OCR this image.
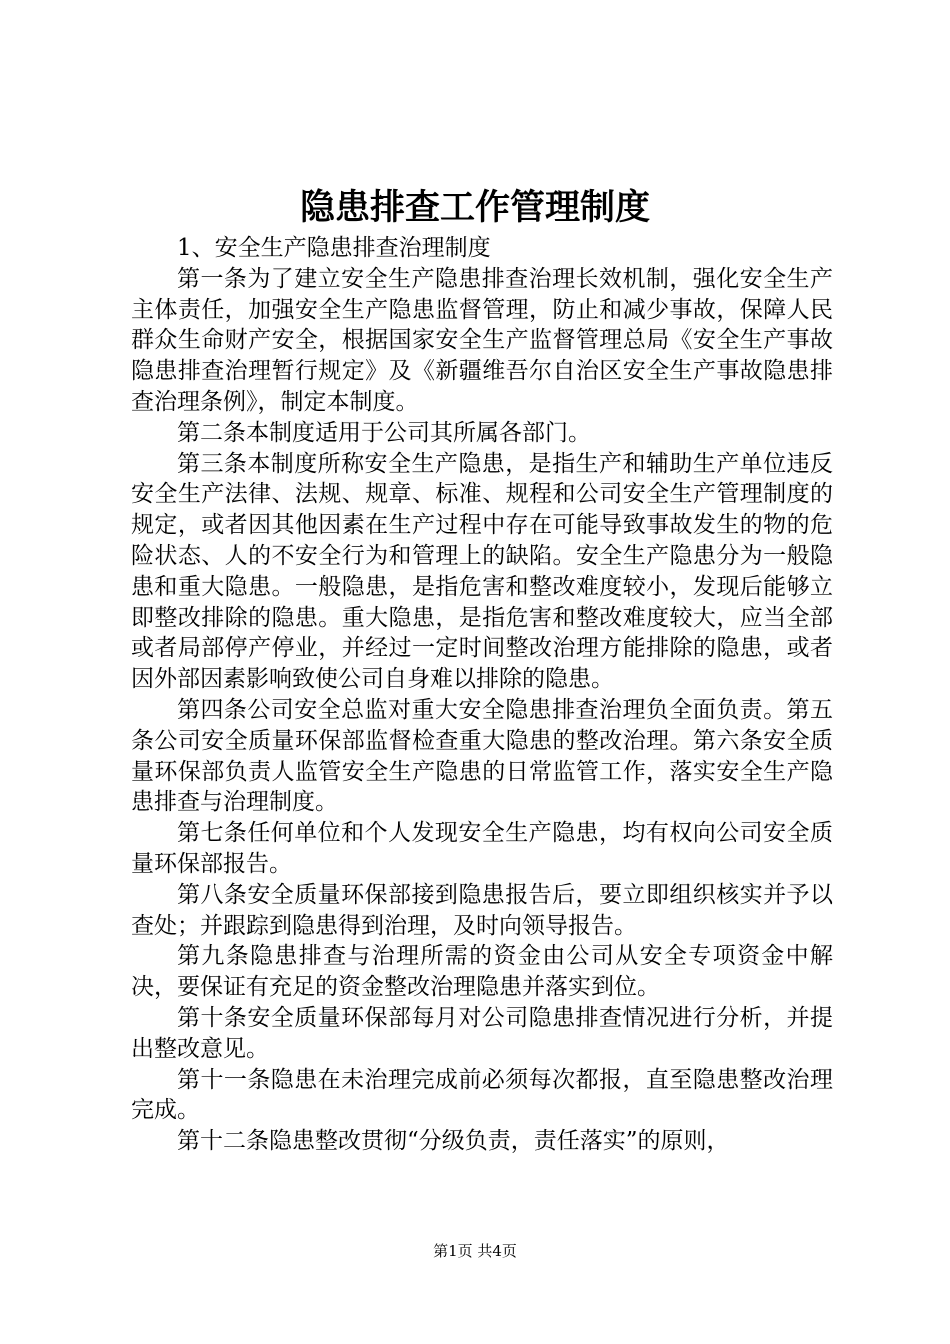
隐患排查工作管理制度

1、安全生产隐患排查治理制度

第一条为了建立安全生产隐患排查治理长效机制，强化安全生产主体责任，加强安全生产隐患监督管理，防止和减少事故，保障人民群众生命财产安全，根据国家安全生产监督管理总局《安全生产事故隐患排查治理暂行规定》及《新疆维吾尔自治区安全生产事故隐患排查治理条例》，制定本制度。

第二条本制度适用于公司其所属各部门。

第三条本制度所称安全生产隐患，是指生产和辅助生产单位违反安全生产法律、法规、规章、标准、规程和公司安全生产管理制度的规定，或者因其他因素在生产过程中存在可能导致事故发生的物的危险状态、人的不安全行为和管理上的缺陷。安全生产隐患分为一般隐患和重大隐患。一般隐患，是指危害和整改难度较小，发现后能够立即整改排除的隐患。重大隐患，是指危害和整改难度较大，应当全部或者局部停产停业，并经过一定时间整改治理方能排除的隐患，或者因外部因素影响致使公司自身难以排除的隐患。

第四条公司安全总监对重大安全隐患排查治理负全面负责。第五条公司安全质量环保部监督检查重大隐患的整改治理。第六条安全质量环保部负责人监管安全生产隐患的日常监管工作，落实安全生产隐患排查与治理制度。

第七条任何单位和个人发现安全生产隐患，均有权向公司安全质量环保部报告。

第八条安全质量环保部接到隐患报告后，要立即组织核实并予以查处；并跟踪到隐患得到治理，及时向领导报告。

第九条隐患排查与治理所需的资金由公司从安全专项资金中解决，要保证有充足的资金整改治理隐患并落实到位。

第十条安全质量环保部每月对公司隐患排查情况进行分析，并提出整改意见。

第十一条隐患在未治理完成前必须每次都报，直至隐患整改治理完成。

第十二条隐患整改贯彻“分级负责，责任落实”的原则，

第1页 共4页
